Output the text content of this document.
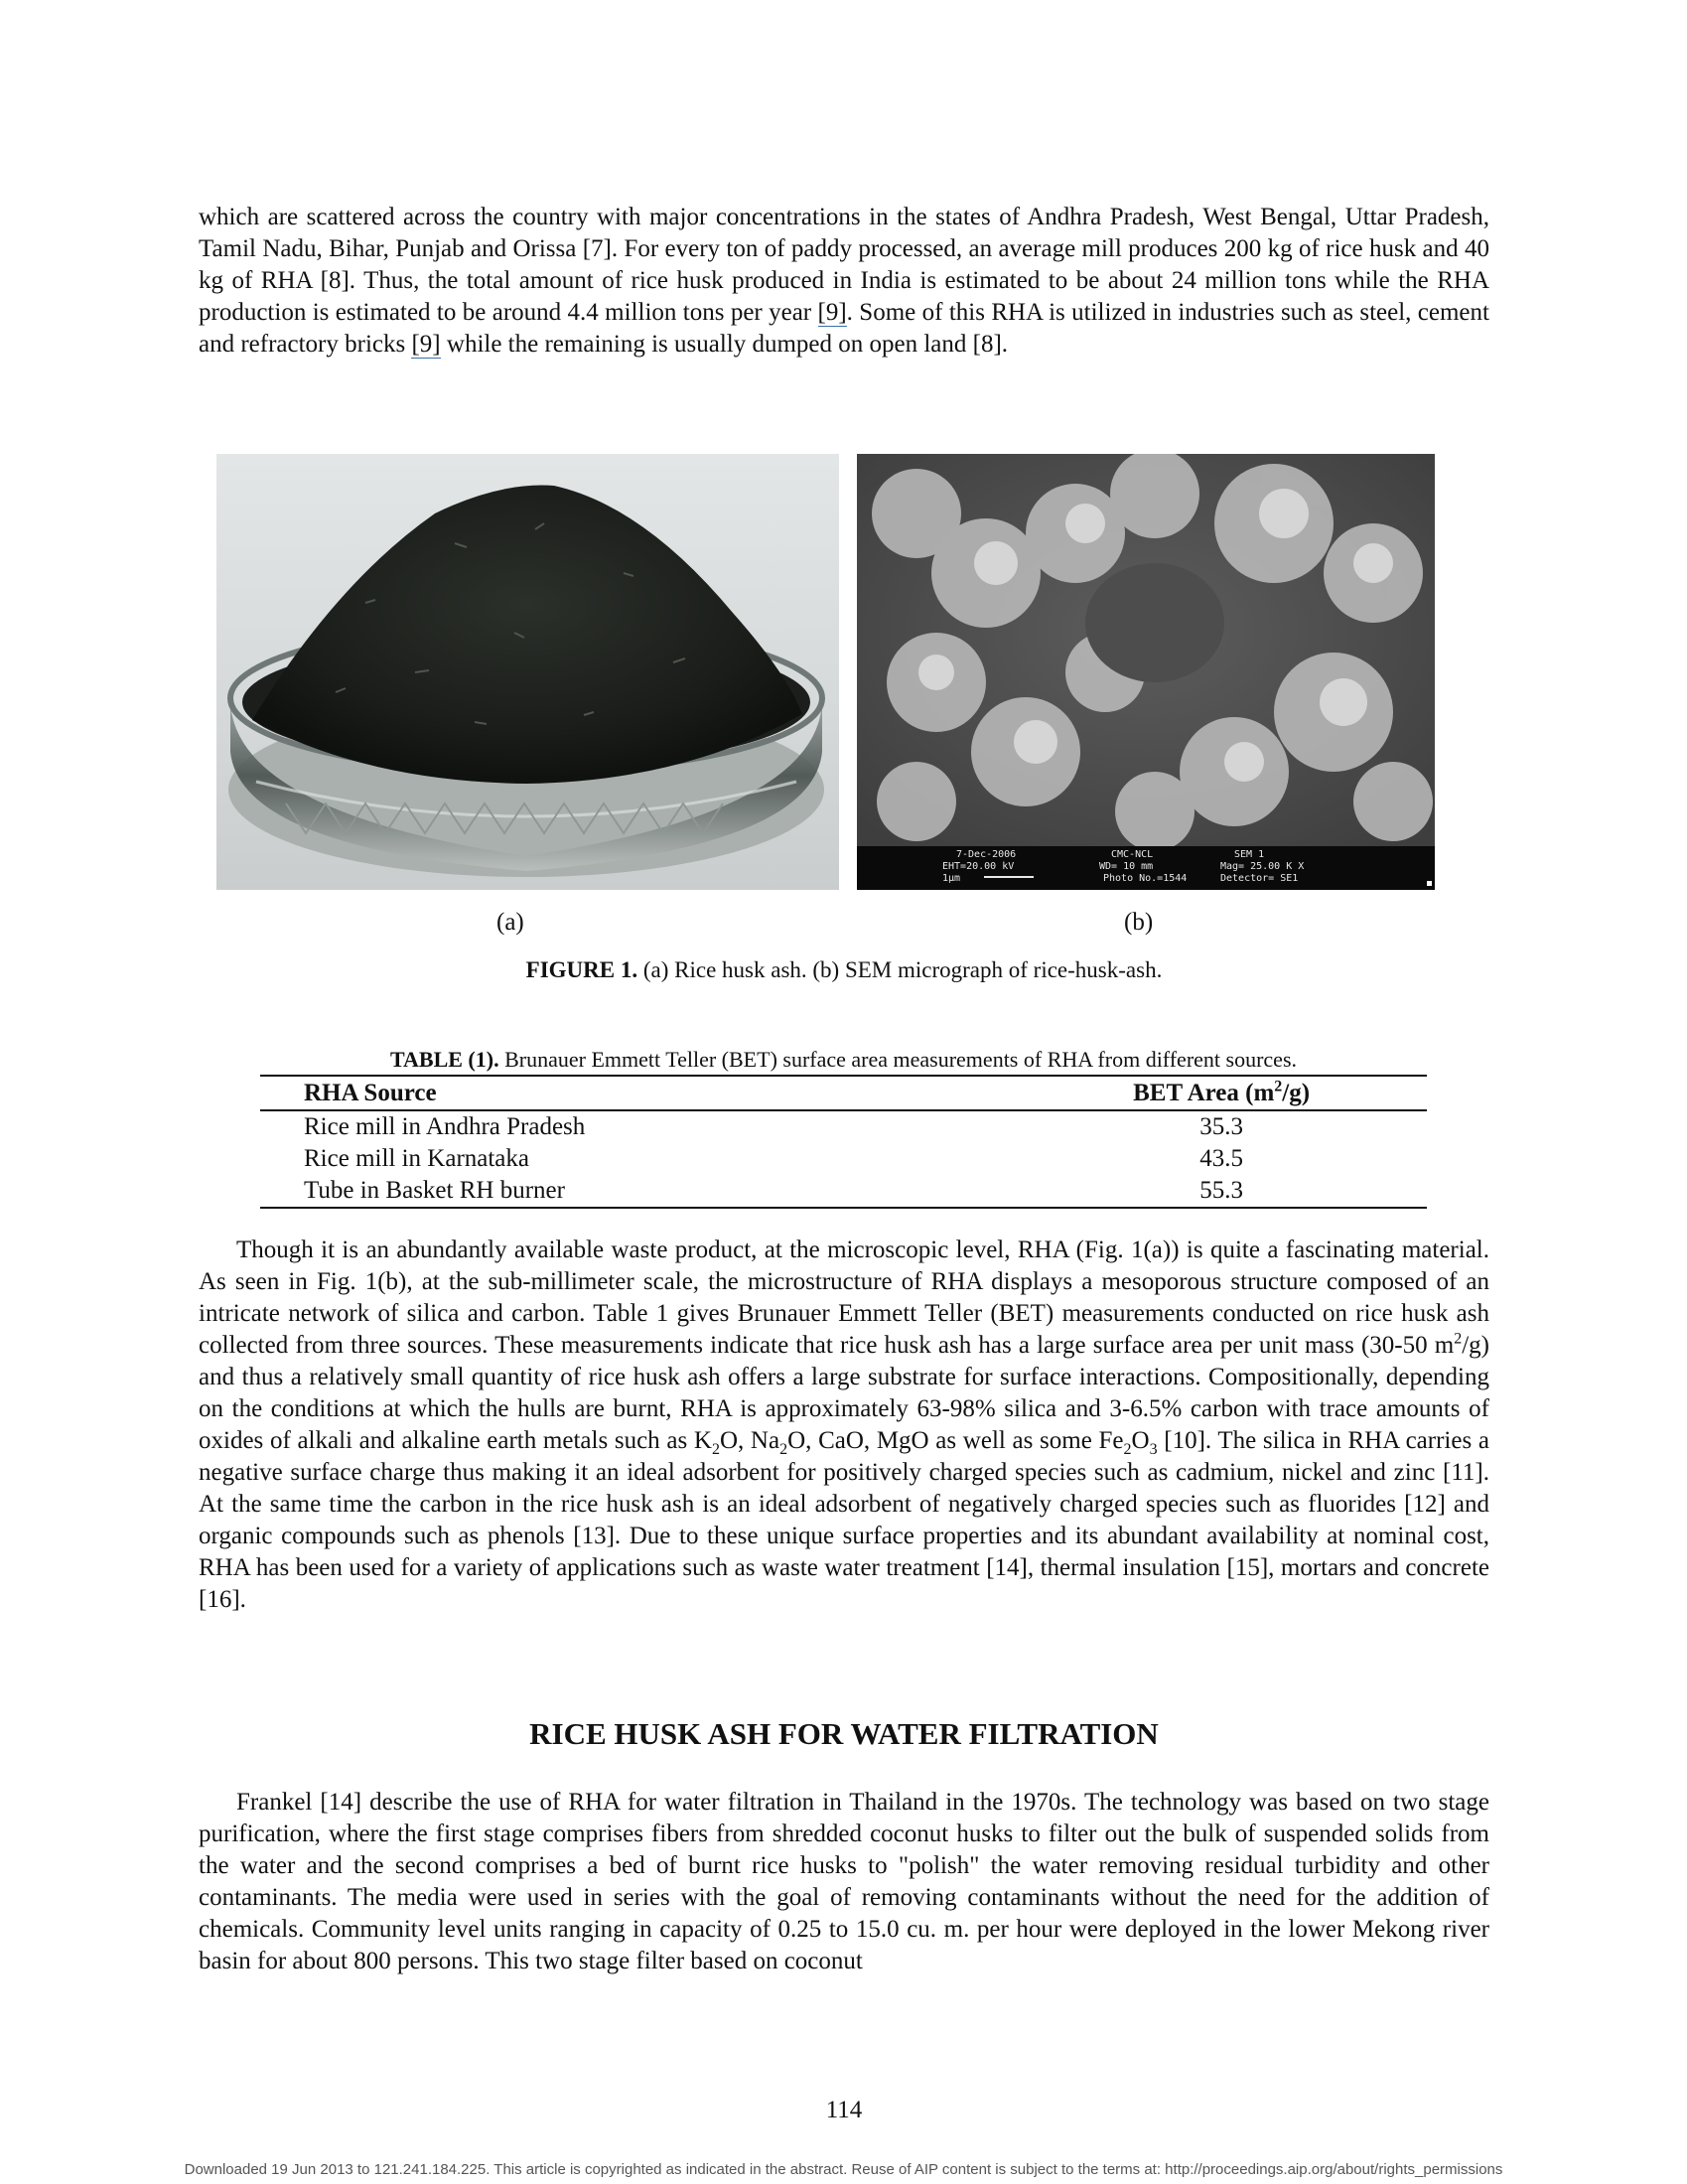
which are scattered across the country with major concentrations in the states of Andhra Pradesh, West Bengal, Uttar Pradesh, Tamil Nadu, Bihar, Punjab and Orissa [7]. For every ton of paddy processed, an average mill produces 200 kg of rice husk and 40 kg of RHA [8]. Thus, the total amount of rice husk produced in India is estimated to be about 24 million tons while the RHA production is estimated to be around 4.4 million tons per year [9]. Some of this RHA is utilized in industries such as steel, cement and refractory bricks [9] while the remaining is usually dumped on open land [8].

7-Dec-2006
EHT=20.00 kV
1µm
CMC-NCL
WD= 10 mm
Photo No.=1544
SEM 1
Mag= 25.00 K X
Detector= SE1
(a)	(b)
FIGURE 1. (a) Rice husk ash. (b) SEM micrograph of rice-husk-ash.
TABLE (1). Brunauer Emmett Teller (BET) surface area measurements of RHA from different sources.
RHA Source	BET Area $(m^2/g)$
Rice mill in Andhra Pradesh	35.3
Rice mill in Karnataka	43.5
Tube in Basket RH burner	55.3

Though it is an abundantly available waste product, at the microscopic level, RHA (Fig. 1(a)) is quite a fascinating material. As seen in Fig. 1(b), at the sub-millimeter scale, the microstructure of RHA displays a mesoporous structure composed of an intricate network of silica and carbon. Table 1 gives Brunauer Emmett Teller (BET) measurements conducted on rice husk ash collected from three sources. These measurements indicate that rice husk ash has a large surface area per unit mass (30-50 $m^2/g$) and thus a relatively small quantity of rice husk ash offers a large substrate for surface interactions. Compositionally, depending on the conditions at which the hulls are burnt, RHA is approximately 63-98% silica and 3-6.5% carbon with trace amounts of oxides of alkali and alkaline earth metals such as $K_2O$, $Na_2O$, CaO, MgO as well as some $Fe_2O_3$ [10]. The silica in RHA carries a negative surface charge thus making it an ideal adsorbent for positively charged species such as cadmium, nickel and zinc [11]. At the same time the carbon in the rice husk ash is an ideal adsorbent of negatively charged species such as fluorides [12] and organic compounds such as phenols [13]. Due to these unique surface properties and its abundant availability at nominal cost, RHA has been used for a variety of applications such as waste water treatment [14], thermal insulation [15], mortars and concrete [16].

RICE HUSK ASH FOR WATER FILTRATION

Frankel [14] describe the use of RHA for water filtration in Thailand in the 1970s. The technology was based on two stage purification, where the first stage comprises fibers from shredded coconut husks to filter out the bulk of suspended solids from the water and the second comprises a bed of burnt rice husks to "polish" the water removing residual turbidity and other contaminants. The media were used in series with the goal of removing contaminants without the need for the addition of chemicals. Community level units ranging in capacity of 0.25 to 15.0 cu. m. per hour were deployed in the lower Mekong river basin for about 800 persons. This two stage filter based on coconut

114
Downloaded 19 Jun 2013 to 121.241.184.225. This article is copyrighted as indicated in the abstract. Reuse of AIP content is subject to the terms at: http://proceedings.aip.org/about/rights_permissions
